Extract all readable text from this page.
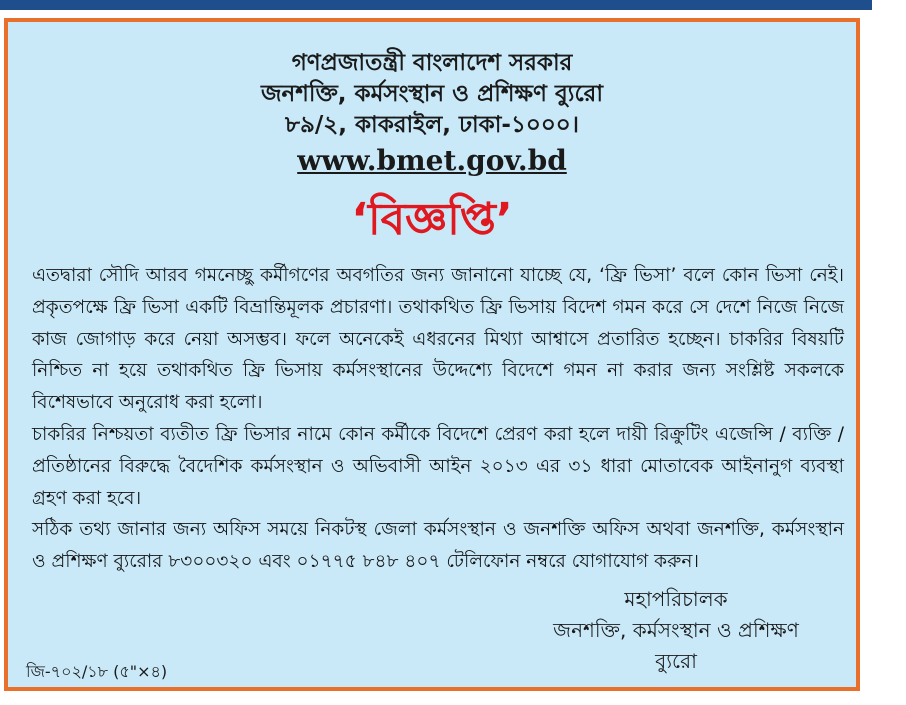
গণপ্রজাতন্ত্রী বাংলাদেশ সরকার
জনশক্তি, কর্মসংস্থান ও প্রশিক্ষণ ব্যুরো
৮৯/২, কাকরাইল, ঢাকা-১০০০।
www.bmet.gov.bd
‘বিজ্ঞপ্তি’

এতদ্বারা সৌদি আরব গমনেচ্ছু কর্মীগণের অবগতির জন্য জানানো যাচ্ছে যে, ‘ফ্রি ভিসা’ বলে কোন ভিসা নেই। প্রকৃতপক্ষে ফ্রি ভিসা একটি বিভ্রান্তিমূলক প্রচারণা। তথাকথিত ফ্রি ভিসায় বিদেশ গমন করে সে দেশে নিজে নিজে কাজ জোগাড় করে নেয়া অসম্ভব। ফলে অনেকেই এধরনের মিথ্যা আশ্বাসে প্রতারিত হচ্ছেন। চাকরির বিষয়টি নিশ্চিত না হয়ে তথাকথিত ফ্রি ভিসায় কর্মসংস্থানের উদ্দেশ্যে বিদেশে গমন না করার জন্য সংশ্লিষ্ট সকলকে বিশেষভাবে অনুরোধ করা হলো।

চাকরির নিশ্চয়তা ব্যতীত ফ্রি ভিসার নামে কোন কর্মীকে বিদেশে প্রেরণ করা হলে দায়ী রিক্রুটিং এজেন্সি / ব্যক্তি / প্রতিষ্ঠানের বিরুদ্ধে বৈদেশিক কর্মসংস্থান ও অভিবাসী আইন ২০১৩ এর ৩১ ধারা মোতাবেক আইনানুগ ব্যবস্থা গ্রহণ করা হবে।

সঠিক তথ্য জানার জন্য অফিস সময়ে নিকটস্থ জেলা কর্মসংস্থান ও জনশক্তি অফিস অথবা জনশক্তি, কর্মসংস্থান ও প্রশিক্ষণ ব্যুরোর ৮৩০০৩২০ এবং ০১৭৭৫ ৮৪৮ ৪০৭ টেলিফোন নম্বরে যোগাযোগ করুন।

মহাপরিচালক
জনশক্তি, কর্মসংস্থান ও প্রশিক্ষণ
ব্যুরো
জি-৭০২/১৮ (৫"×৪)
